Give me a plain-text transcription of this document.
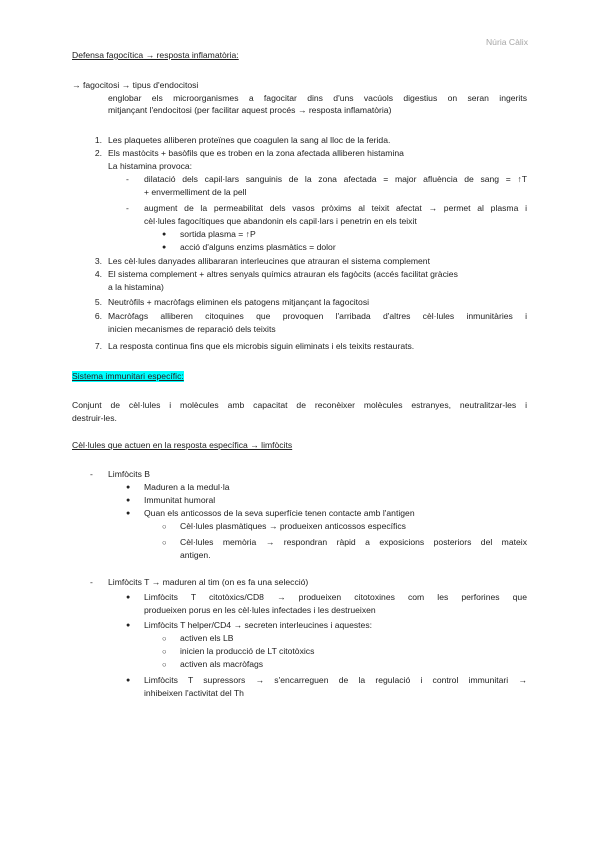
Núria Càlix
Defensa fagocítica → resposta inflamatòria:
→ fagocitosi → tipus d'endocitosi
englobar els microorganismes a fagocitar dins d'uns vacúols digestius on seran ingerits
mitjançant l'endocitosi (per facilitar aquest procés → resposta inflamatòria)
1. Les plaquetes alliberen proteïnes que coagulen la sang al lloc de la ferida.
2. Els mastòcits + basòfils que es troben en la zona afectada alliberen histamina
La histamina provoca:
- dilatació dels capil·lars sanguinis de la zona afectada = major afluència de sang = ↑T
+ envermelliment de la pell
- augment de la permeabilitat dels vasos pròxims al teixit afectat → permet al plasma i
cèl·lules fagocítiques que abandonin els capil·lars i penetrin en els teixit
● sortida plasma = ↑P
● acció d'alguns enzims plasmàtics = dolor
3. Les cèl·lules danyades allibararan interleucines que atrauran el sistema complement
4. El sistema complement + altres senyals químics atrauran els fagòcits (accés facilitat gràcies
a la histamina)
5. Neutròfils + macròfags eliminen els patogens mitjançant la fagocitosi
6. Macròfags alliberen citoquines que provoquen l'arribada d'altres cèl·lules inmunitàries i
inicien mecanismes de reparació dels teixits
7. La resposta continua fins que els microbis siguin eliminats i els teixits restaurats.
Sistema immunitari específic:
Conjunt de cèl·lules i molècules amb capacitat de reconèixer molècules estranyes, neutralitzar-les i
destruir-les.
Cèl·lules que actuen en la resposta específica → limfòcits
- Limfòcits B
● Maduren a la medul·la
● Immunitat humoral
● Quan els anticossos de la seva superfície tenen contacte amb l'antigen
○ Cèl·lules plasmàtiques → produeixen anticossos específics
○ Cèl·lules memòria → respondran ràpid a exposicions posteriors del mateix
antigen.
- Limfòcits T → maduren al tim (on es fa una selecció)
● Limfòcits T citotòxics/CD8 → produeixen citotoxines com les perforines que
produeixen porus en les cèl·lules infectades i les destrueixen
● Limfòcits T helper/CD4 → secreten interleucines i aquestes:
○ activen els LB
○ inicien la producció de LT citotòxics
○ activen als macròfags
● Limfòcits T supressors → s'encarreguen de la regulació i control immunitari →
inhibeixen l'activitat del Th
